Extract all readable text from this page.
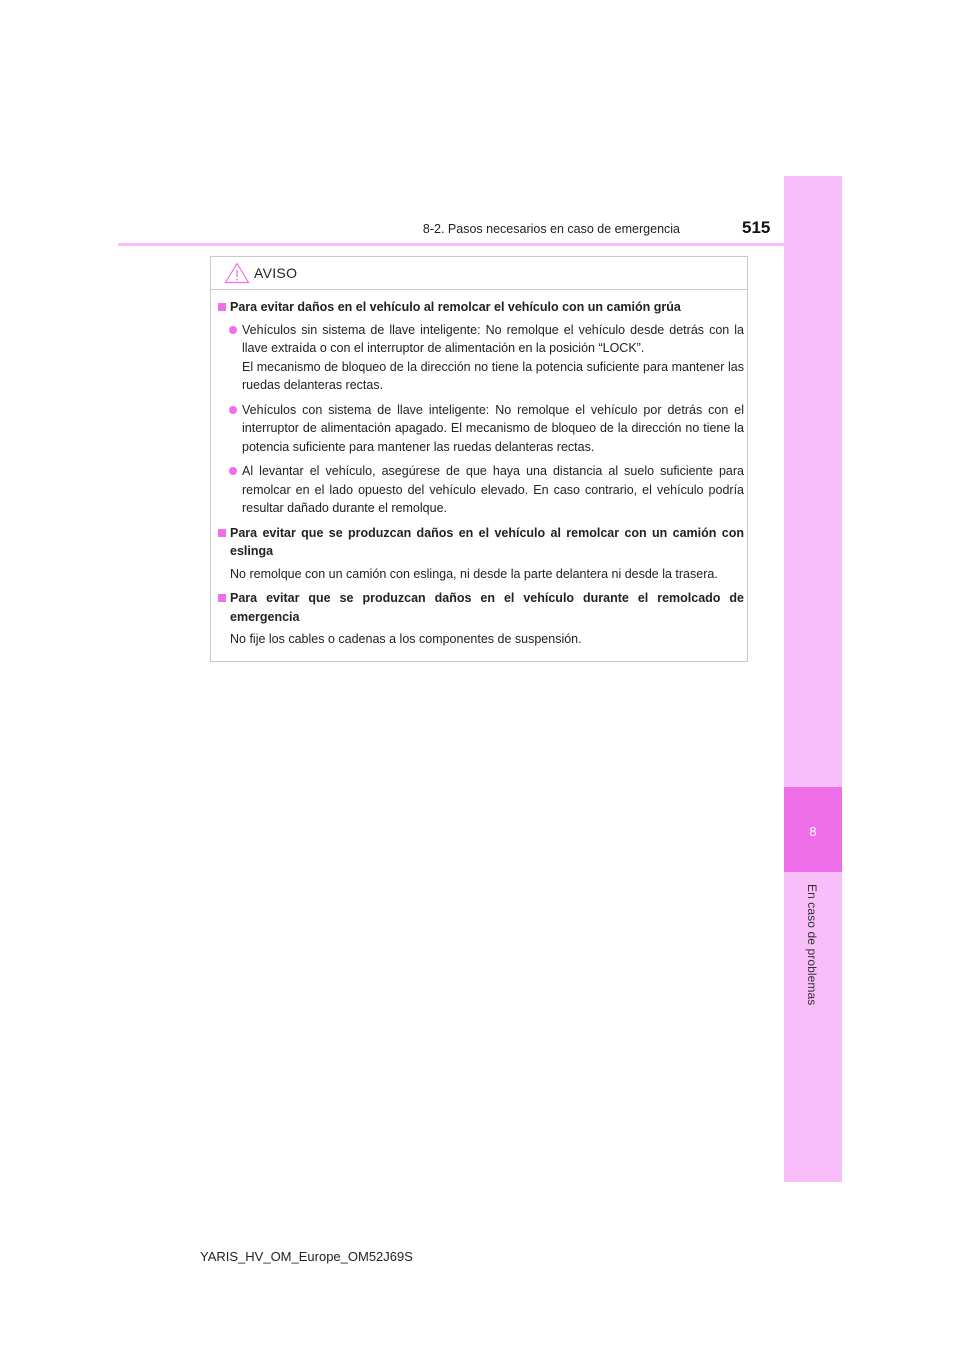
8
En caso de problemas
8-2. Pasos necesarios en caso de emergencia	515
AVISO
Para evitar daños en el vehículo al remolcar el vehículo con un camión grúa
Vehículos sin sistema de llave inteligente: No remolque el vehículo desde detrás con la llave extraída o con el interruptor de alimentación en la posición “LOCK”.
El mecanismo de bloqueo de la dirección no tiene la potencia suficiente para mantener las ruedas delanteras rectas.
Vehículos con sistema de llave inteligente: No remolque el vehículo por detrás con el interruptor de alimentación apagado. El mecanismo de bloqueo de la dirección no tiene la potencia suficiente para mantener las ruedas delanteras rectas.
Al levantar el vehículo, asegúrese de que haya una distancia al suelo suficiente para remolcar en el lado opuesto del vehículo elevado. En caso contrario, el vehículo podría resultar dañado durante el remolque.
Para evitar que se produzcan daños en el vehículo al remolcar con un camión con eslinga
No remolque con un camión con eslinga, ni desde la parte delantera ni desde la trasera.
Para evitar que se produzcan daños en el vehículo durante el remolcado de emergencia
No fije los cables o cadenas a los componentes de suspensión.
YARIS_HV_OM_Europe_OM52J69S
